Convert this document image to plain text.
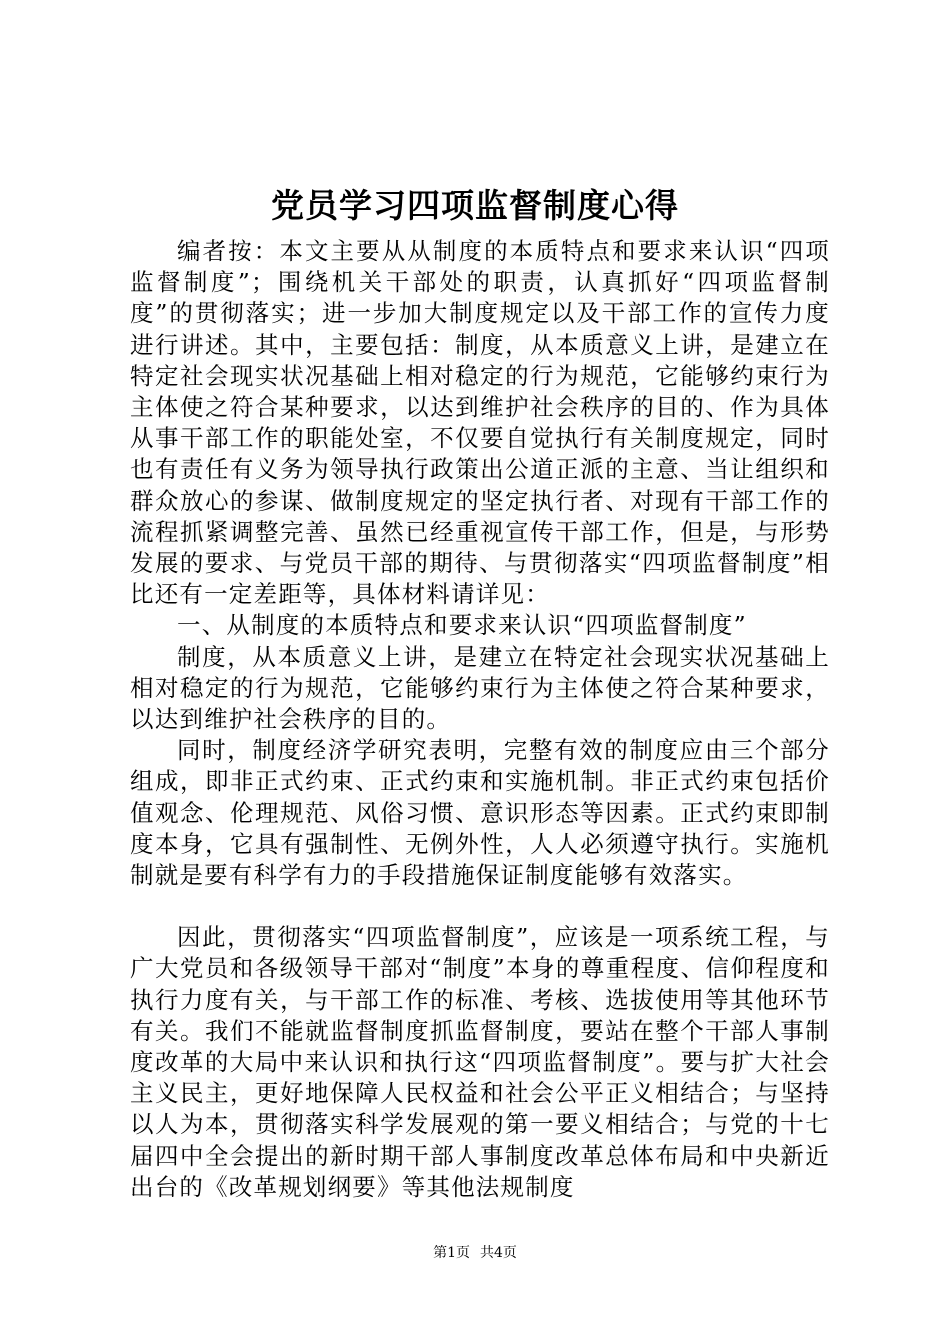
党员学习四项监督制度心得

编者按：本文主要从从制度的本质特点和要求来认识“四项监督制度”；围绕机关干部处的职责，认真抓好“四项监督制度”的贯彻落实；进一步加大制度规定以及干部工作的宣传力度进行讲述。其中，主要包括：制度，从本质意义上讲，是建立在特定社会现实状况基础上相对稳定的行为规范，它能够约束行为主体使之符合某种要求，以达到维护社会秩序的目的、作为具体从事干部工作的职能处室，不仅要自觉执行有关制度规定，同时也有责任有义务为领导执行政策出公道正派的主意、当让组织和群众放心的参谋、做制度规定的坚定执行者、对现有干部工作的流程抓紧调整完善、虽然已经重视宣传干部工作，但是，与形势发展的要求、与党员干部的期待、与贯彻落实“四项监督制度”相比还有一定差距等，具体材料请详见：

一、从制度的本质特点和要求来认识“四项监督制度”

制度，从本质意义上讲，是建立在特定社会现实状况基础上相对稳定的行为规范，它能够约束行为主体使之符合某种要求，以达到维护社会秩序的目的。

同时，制度经济学研究表明，完整有效的制度应由三个部分组成，即非正式约束、正式约束和实施机制。非正式约束包括价值观念、伦理规范、风俗习惯、意识形态等因素。正式约束即制度本身，它具有强制性、无例外性，人人必须遵守执行。实施机制就是要有科学有力的手段措施保证制度能够有效落实。

因此，贯彻落实“四项监督制度”，应该是一项系统工程，与广大党员和各级领导干部对“制度”本身的尊重程度、信仰程度和执行力度有关，与干部工作的标准、考核、选拔使用等其他环节有关。我们不能就监督制度抓监督制度，要站在整个干部人事制度改革的大局中来认识和执行这“四项监督制度”。要与扩大社会主义民主，更好地保障人民权益和社会公平正义相结合；与坚持以人为本，贯彻落实科学发展观的第一要义相结合；与党的十七届四中全会提出的新时期干部人事制度改革总体布局和中央新近出台的《改革规划纲要》等其他法规制度

第1页 共4页
